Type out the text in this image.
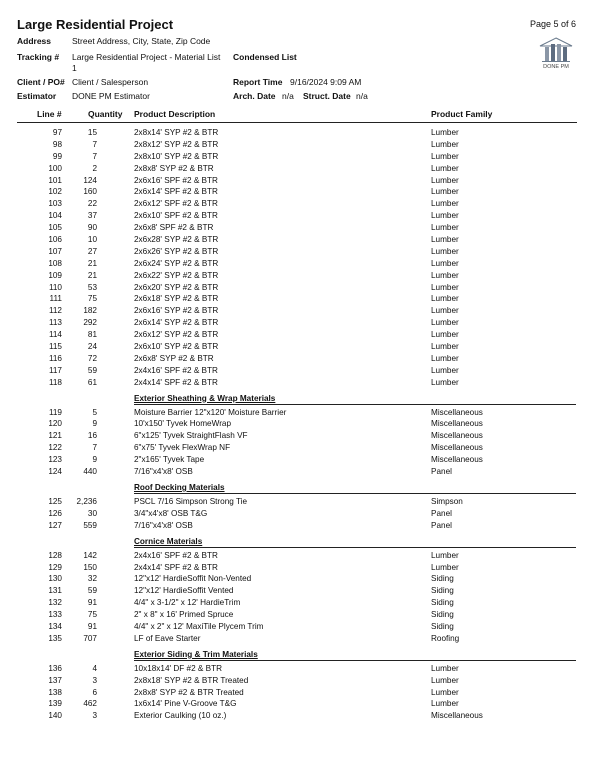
Large Residential Project	Page 5 of 6
DONE PM
Address Street Address, City, State, Zip Code
Tracking # Large Residential Project - Material List
1
Condensed List
Client / PO# Client / Salesperson	Report Time 9/16/2024 9:09 AM
Estimator DONE PM Estimator	Arch. Date n/a Struct. Date n/a
Line #	Quantity Product Description	Product Family
97	15	2x8x14' SYP #2 & BTR	Lumber
98	7	2x8x12' SYP #2 & BTR	Lumber
99	7	2x8x10' SYP #2 & BTR	Lumber
100	2	2x8x8' SYP #2 & BTR	Lumber
101	124	2x6x16' SPF #2 & BTR	Lumber
102	160	2x6x14' SPF #2 & BTR	Lumber
103	22	2x6x12' SPF #2 & BTR	Lumber
104	37	2x6x10' SPF #2 & BTR	Lumber
105	90	2x6x8' SPF #2 & BTR	Lumber
106	10	2x6x28' SYP #2 & BTR	Lumber
107	27	2x6x26' SYP #2 & BTR	Lumber
108	21	2x6x24' SYP #2 & BTR	Lumber
109	21	2x6x22' SYP #2 & BTR	Lumber
110	53	2x6x20' SYP #2 & BTR	Lumber
111	75	2x6x18' SYP #2 & BTR	Lumber
112	182	2x6x16' SYP #2 & BTR	Lumber
113	292	2x6x14' SYP #2 & BTR	Lumber
114	81	2x6x12' SYP #2 & BTR	Lumber
115	24	2x6x10' SYP #2 & BTR	Lumber
116	72	2x6x8' SYP #2 & BTR	Lumber
117	59	2x4x16' SPF #2 & BTR	Lumber
118	61	2x4x14' SPF #2 & BTR	Lumber
Exterior Sheathing & Wrap Materials
119	5	Moisture Barrier 12"x120' Moisture Barrier	Miscellaneous
120	9	10'x150' Tyvek HomeWrap	Miscellaneous
121	16	6"x125' Tyvek StraightFlash VF	Miscellaneous
122	7	6"x75' Tyvek FlexWrap NF	Miscellaneous
123	9	2"x165' Tyvek Tape	Miscellaneous
124	440	7/16"x4'x8' OSB	Panel
Roof Decking Materials
125 2,236	PSCL 7/16 Simpson Strong Tie	Simpson
126	30	3/4"x4'x8' OSB T&G	Panel
127	559	7/16"x4'x8' OSB	Panel
Cornice Materials
128	142	2x4x16' SPF #2 & BTR	Lumber
129	150	2x4x14' SPF #2 & BTR	Lumber
130	32	12"x12' HardieSoffit Non-Vented	Siding
131	59	12"x12' HardieSoffit Vented	Siding
132	91	4/4" x 3-1/2" x 12' HardieTrim	Siding
133	75	2" x 8" x 16' Primed Spruce	Siding
134	91	4/4" x 2" x 12' MaxiTile Plycem Trim	Siding
135	707	LF of Eave Starter	Roofing
Exterior Siding & Trim Materials
136	4	10x18x14' DF #2 & BTR	Lumber
137	3	2x8x18' SYP #2 & BTR Treated	Lumber
138	6	2x8x8' SYP #2 & BTR Treated	Lumber
139	462	1x6x14' Pine V-Groove T&G	Lumber
140	3	Exterior Caulking (10 oz.)	Miscellaneous
